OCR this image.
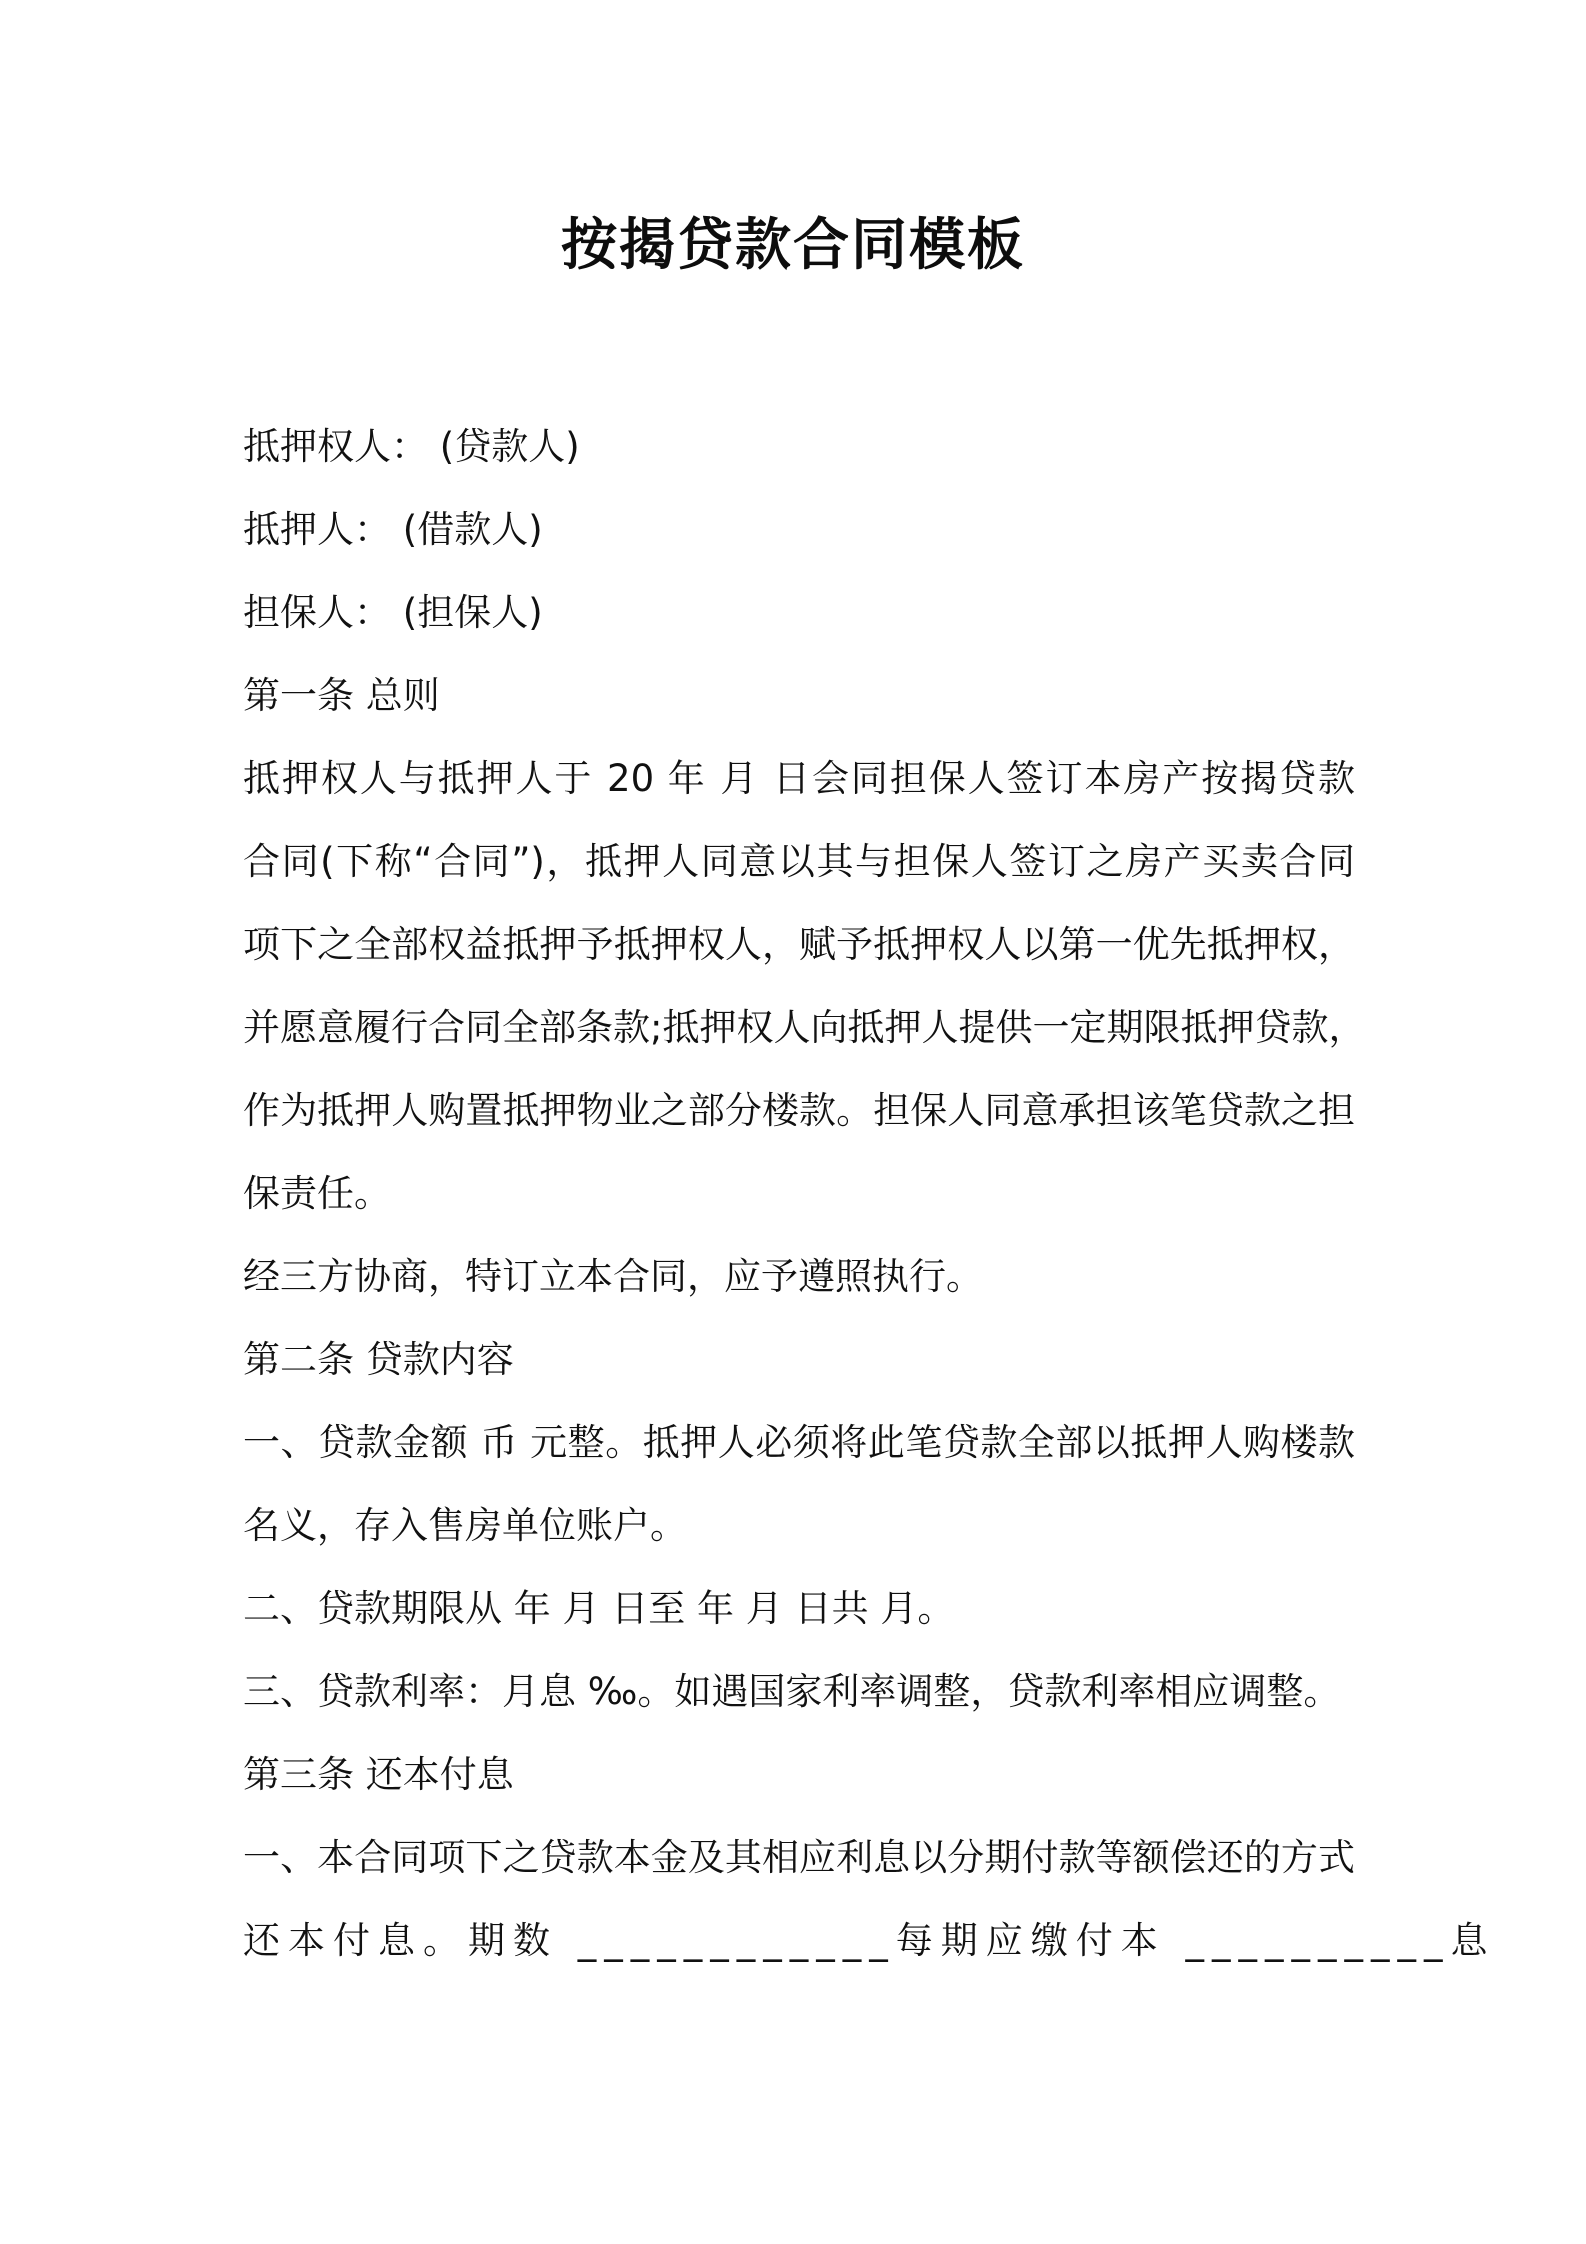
按揭贷款合同模板
抵押权人： (贷款人)
抵押人： (借款人)
担保人： (担保人)
第一条 总则
抵押权人与抵押人于 20 年 月 日会同担保人签订本房产按揭贷款
合同(下称“合同”)，抵押人同意以其与担保人签订之房产买卖合同
项下之全部权益抵押予抵押权人，赋予抵押权人以第一优先抵押权，
并愿意履行合同全部条款;抵押权人向抵押人提供一定期限抵押贷款，
作为抵押人购置抵押物业之部分楼款。担保人同意承担该笔贷款之担
保责任。
经三方协商，特订立本合同，应予遵照执行。
第二条 贷款内容
一、贷款金额 币 元整。抵押人必须将此笔贷款全部以抵押人购楼款
名义，存入售房单位账户。
二、贷款期限从 年 月 日至 年 月 日共 月。
三、贷款利率：月息 ‰。如遇国家利率调整，贷款利率相应调整。
第三条 还本付息
一、本合同项下之贷款本金及其相应利息以分期付款等额偿还的方式
还本付息。期数 ____________每期应缴付本 __________息
